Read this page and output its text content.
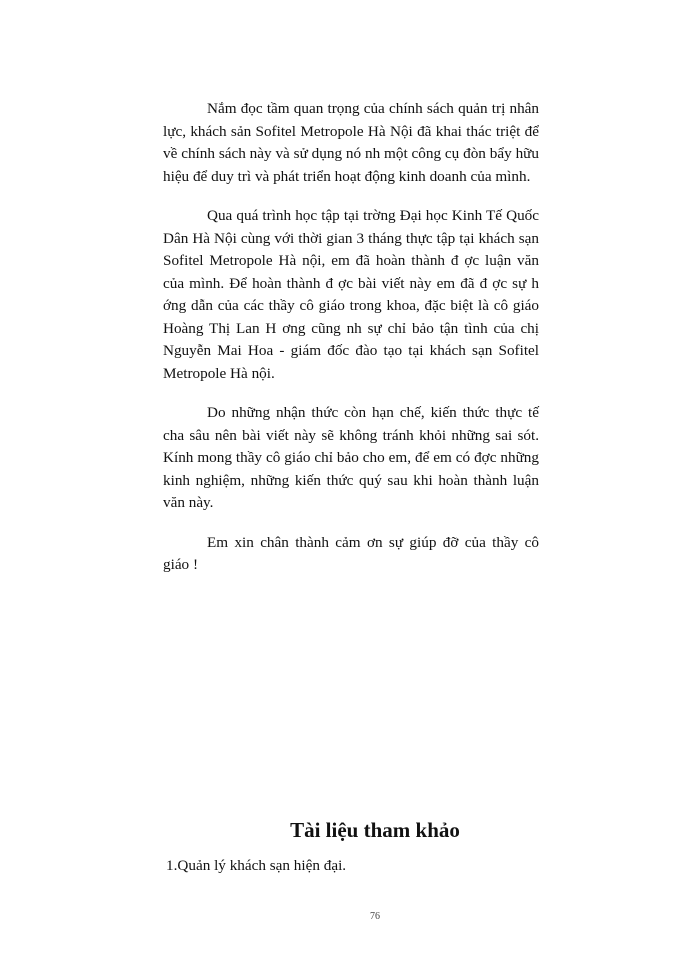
Nắm đọc tầm quan trọng của chính sách quản trị nhân lực, khách sản Sofitel Metropole Hà Nội đã khai thác triệt để về chính sách này và sử dụng nó nh một công cụ đòn bẩy hữu hiệu để duy trì và phát triển hoạt động kinh doanh của mình.

Qua quá trình học tập tại trờng Đại học Kinh Tế Quốc Dân Hà Nội cùng với thời gian 3 tháng thực tập tại khách sạn Sofitel Metropole Hà nội, em đã hoàn thành đ ợc luận văn của mình. Để hoàn thành đ ợc bài viết này em đã đ ợc sự h ớng dẫn của các thầy cô giáo trong khoa, đặc biệt là cô giáo Hoàng Thị Lan H ơng cũng nh sự chỉ bảo tận tình của chị Nguyễn Mai Hoa - giám đốc đào tạo tại khách sạn Sofitel Metropole Hà nội.

Do những nhận thức còn hạn chế, kiến thức thực tế cha sâu nên bài viết này sẽ không tránh khỏi những sai sót. Kính mong thầy cô giáo chỉ bảo cho em, để em có đợc những kinh nghiệm, những kiến thức quý sau khi hoàn thành luận văn này.

Em xin chân thành cảm ơn sự giúp đỡ của thầy cô giáo !

Tài liệu tham khảo
1.Quản lý khách sạn hiện đại.
76
